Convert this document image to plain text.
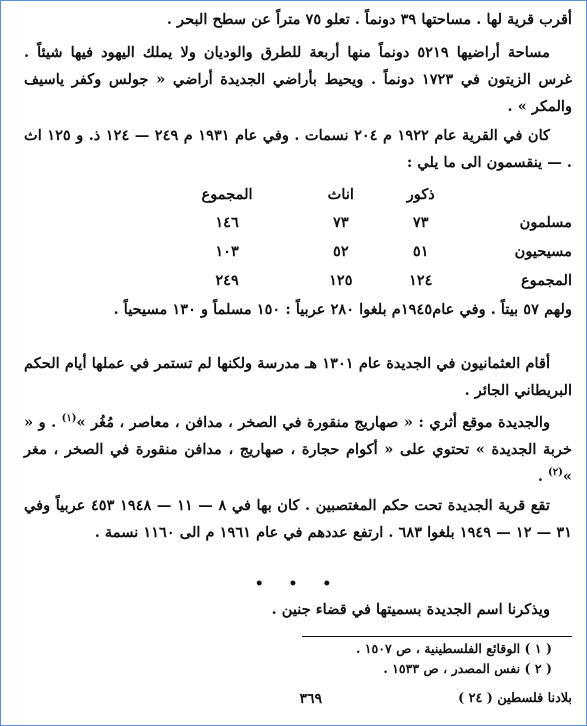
أقرب قرية لها . مساحتها ٣٩ دونماً . تعلو ٧٥ متراً عن سطح البحر .

مساحة أراضيها ٥٢١٩ دونماً منها أربعة للطرق والوديان ولا يملك اليهود فيها شيئاً . غرس الزيتون في ١٧٢٣ دونماً . ويحيط بأراضي الجديدة أراضي « جولس وكفر ياسيف والمكر » .

كان في القرية عام ١٩٢٢ م ٢٠٤ نسمات . وفي عام ١٩٣١ م ٢٤٩ — ١٢٤ ذ. و ١٢٥ اث . — ينقسمون الى ما يلي :

	ذكور	اناث	المجموع
مسلمون	٧٣	٧٣	١٤٦
مسيحيون	٥١	٥٢	١٠٣
المجموع	١٢٤	١٢٥	٢٤٩

ولهم ٥٧ بيتاً . وفي عام١٩٤٥م بلغوا ٢٨٠ عربياً : ١٥٠ مسلماً و ١٣٠ مسيحياً .

أقام العثمانيون في الجديدة عام ١٣٠١ هـ مدرسة ولكنها لم تستمر في عملها أيام الحكم البريطاني الجائر .

والجديدة موقع أثري : « صهاريج منقورة في الصخر ، مدافن ، معاصر ، مُغُر »$^{(١)}$ . و « خربة الجديدة » تحتوي على « أكوام حجارة ، صهاريج ، مدافن منقورة في الصخر ، مغر »$^{(٢)}$ .

تقع قرية الجديدة تحت حكم المغتصبين . كان بها في ٨ — ١١ — ١٩٤٨ ٤٥٣ عربياً وفي ٣١ — ١٢ — ١٩٤٩ بلغوا ٦٨٣ . ارتفع عددهم في عام ١٩٦١ م الى ١١٦٠ نسمة .

• • •

ويذكرنا اسم الجديدة بسميتها في قضاء جنين .

( ١ ) الوقائع الفلسطينية ، ص ١٥٠٧ .
( ٢ ) نفس المصدر ، ص ١٥٣٣ .
بلادنا فلسطين ( ٢٤ )
٣٦٩
